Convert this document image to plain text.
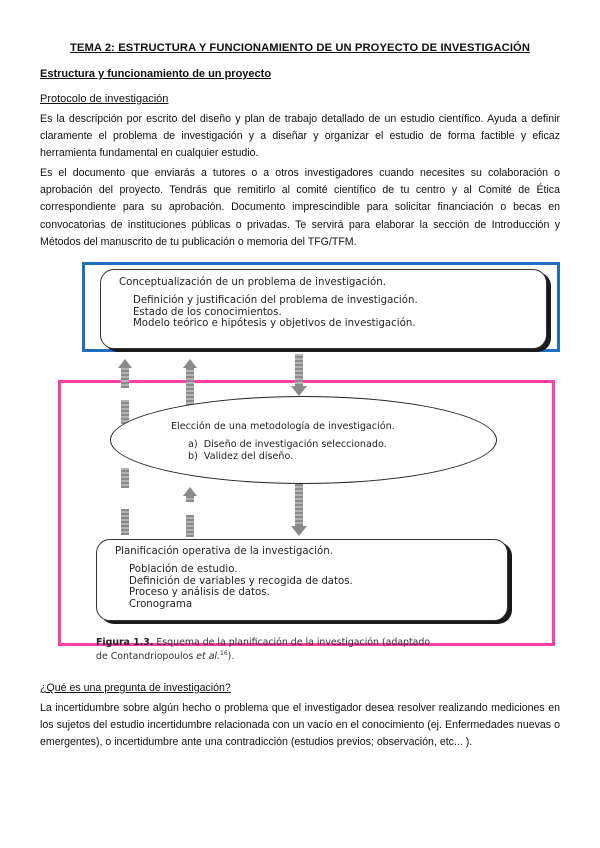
TEMA 2: ESTRUCTURA Y FUNCIONAMIENTO DE UN PROYECTO DE INVESTIGACIÓN
Estructura y funcionamiento de un proyecto
Protocolo de investigación
Es la descripción por escrito del diseño y plan de trabajo detallado de un estudio científico. Ayuda a definir claramente el problema de investigación y a diseñar y organizar el estudio de forma factible y eficaz herramienta fundamental en cualquier estudio.
Es el documento que enviarás a tutores o a otros investigadores cuando necesites su colaboración o aprobación del proyecto. Tendrás que remitirlo al comité científico de tu centro y al Comité de Ética correspondiente para su aprobación. Documento imprescindible para solicitar financiación o becas en convocatorias de instituciones públicas o privadas. Te servirá para elaborar la sección de Introducción y Métodos del manuscrito de tu publicación o memoria del TFG/TFM.
Conceptualización de un problema de investigación.
Definición y justificación del problema de investigación.
Estado de los conocimientos.
Modelo teórico e hipótesis y objetivos de investigación.
Elección de una metodología de investigación.
a)  Diseño de investigación seleccionado.
b)  Validez del diseño.
Planificación operativa de la investigación.
Población de estudio.
Definición de variables y recogida de datos.
Proceso y análisis de datos.
Cronograma
Figura 1.3. Esquema de la planificación de la investigación (adaptado
de Contandriopoulos et al.$^{16}$).
¿Qué es una pregunta de investigación?
La incertidumbre sobre algún hecho o problema que el investigador desea resolver realizando mediciones en los sujetos del estudio incertidumbre relacionada con un vacío en el conocimiento (ej. Enfermedades nuevas o emergentes), o incertidumbre ante una contradicción (estudios previos; observación, etc... ).
